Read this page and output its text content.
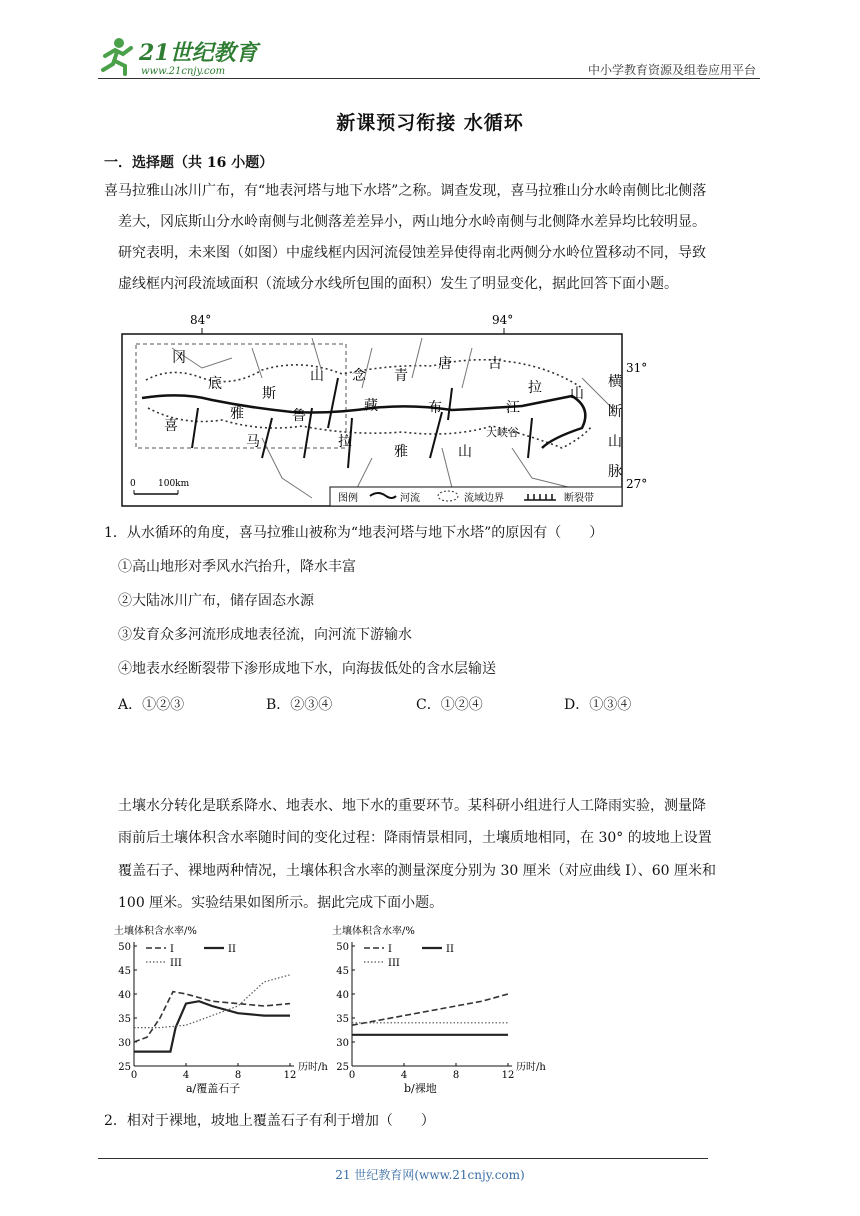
21世纪教育
www.21cnjy.com	中小学教育资源及组卷应用平台
新课预习衔接 水循环
一．选择题（共 16 小题）
喜马拉雅山冰川广布，有“地表河塔与地下水塔”之称。调查发现，喜马拉雅山分水岭南侧比北侧落
差大，冈底斯山分水岭南侧与北侧落差差异小，两山地分水岭南侧与北侧降水差异均比较明显。
研究表明，未来图（如图）中虚线框内因河流侵蚀差异使得南北两侧分水岭位置移动不同，导致
虚线框内河段流域面积（流域分水线所包围的面积）发生了明显变化，据此回答下面小题。
84°	94°
31°
27°
冈
底
斯
山 念 青
唐	古
拉 山
雅	鲁
藏	布	江
喜
马	拉
雅	山
大峡谷
横
断
山
脉
0 100km
图例	河流	流域边界	断裂带
1．从水循环的角度，喜马拉雅山被称为“地表河塔与地下水塔”的原因有（　　）
①高山地形对季风水汽抬升，降水丰富
②大陆冰川广布，储存固态水源
③发育众多河流形成地表径流，向河流下游输水
④地表水经断裂带下渗形成地下水，向海拔低处的含水层输送
A．①②③	B．②③④	C．①②④	D．①③④
土壤水分转化是联系降水、地表水、地下水的重要环节。某科研小组进行人工降雨实验，测量降
雨前后土壤体积含水率随时间的变化过程：降雨情景相同，土壤质地相同，在 30° 的坡地上设置
覆盖石子、裸地两种情况，土壤体积含水率的测量深度分别为 30 厘米（对应曲线 I）、60 厘米和
100 厘米。实验结果如图所示。据此完成下面小题。
土壤体积含水率/%
25
30
35
40
45
50
0	4	8	12
历时/h
a/覆盖石子
I	II
III
土壤体积含水率/%
25
30
35
40
45
50
0	4	8	12
历时/h
b/裸地
I	II
III
2．相对于裸地，坡地上覆盖石子有利于增加（　　）
21 世纪教育网(www.21cnjy.com)
